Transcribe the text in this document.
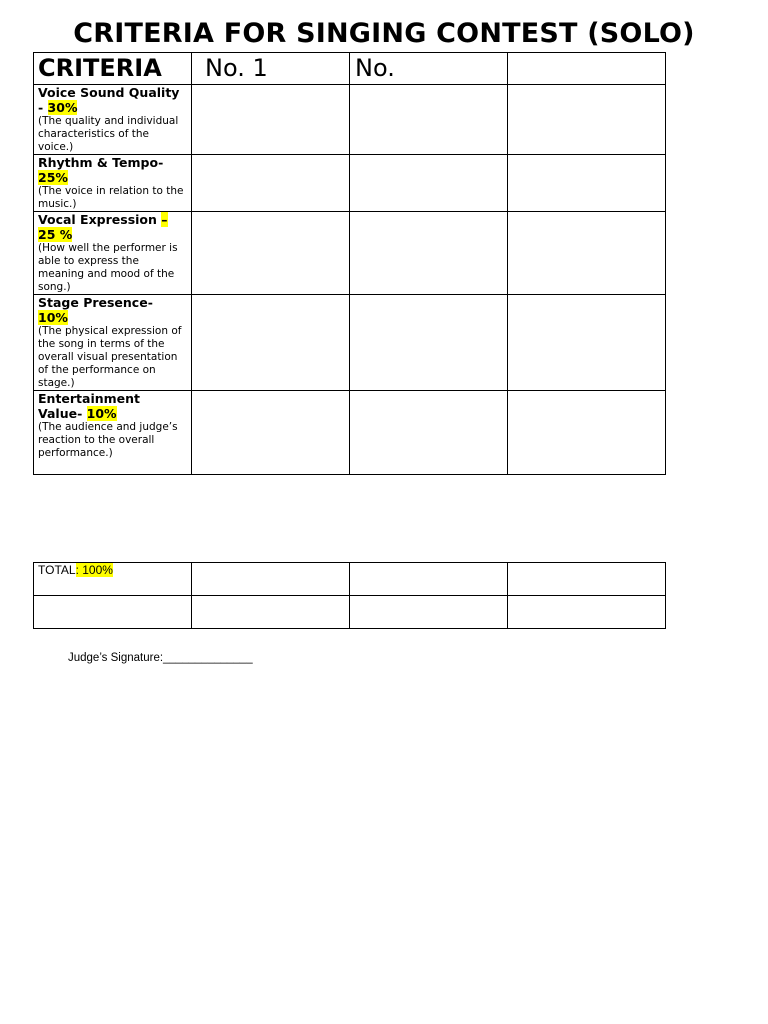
CRITERIA FOR SINGING CONTEST (SOLO)
CRITERIA	No. 1	No.	

Voice Sound Quality - 30%
(The quality and individual characteristics of the voice.)			

Rhythm & Tempo- 25%
(The voice in relation to the music.)			

Vocal Expression – 25 %
(How well the performer is able to express the meaning and mood of the song.)			

Stage Presence- 10%
(The physical expression of the song in terms of the overall visual presentation of the performance on stage.)			

Entertainment Value- 10%
(The audience and judge’s reaction to the overall performance.)			

TOTAL: 100%			

Judge’s Signature:______________
